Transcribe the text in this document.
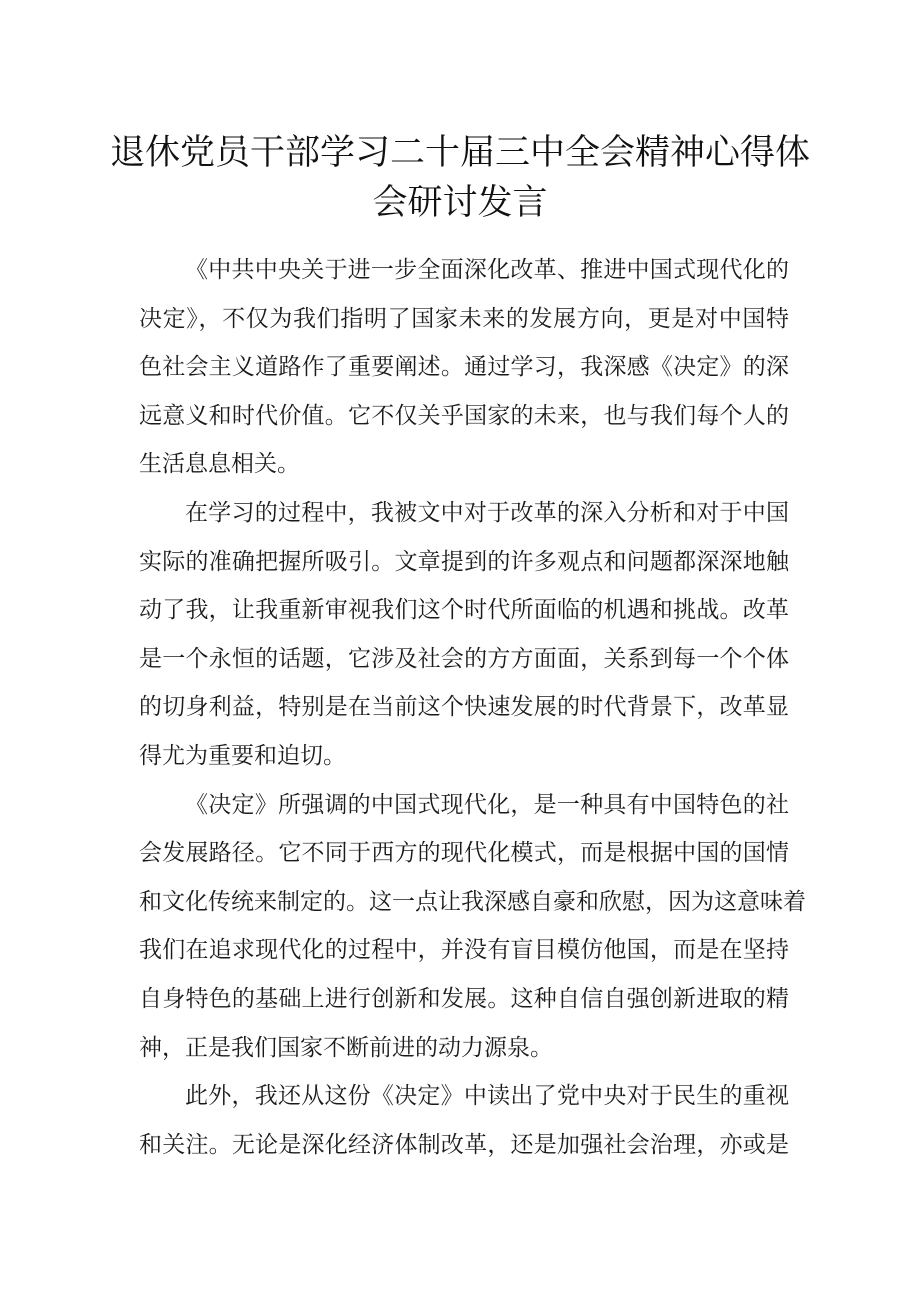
退休党员干部学习二十届三中全会精神心得体
会研讨发言
《中共中央关于进一步全面深化改革、推进中国式现代化的
决定》，不仅为我们指明了国家未来的发展方向，更是对中国特
色社会主义道路作了重要阐述。通过学习，我深感《决定》的深
远意义和时代价值。它不仅关乎国家的未来，也与我们每个人的
生活息息相关。
在学习的过程中，我被文中对于改革的深入分析和对于中国
实际的准确把握所吸引。文章提到的许多观点和问题都深深地触
动了我，让我重新审视我们这个时代所面临的机遇和挑战。改革
是一个永恒的话题，它涉及社会的方方面面，关系到每一个个体
的切身利益，特别是在当前这个快速发展的时代背景下，改革显
得尤为重要和迫切。
《决定》所强调的中国式现代化，是一种具有中国特色的社
会发展路径。它不同于西方的现代化模式，而是根据中国的国情
和文化传统来制定的。这一点让我深感自豪和欣慰，因为这意味着
我们在追求现代化的过程中，并没有盲目模仿他国，而是在坚持
自身特色的基础上进行创新和发展。这种自信自强创新进取的精
神，正是我们国家不断前进的动力源泉。
此外，我还从这份《决定》中读出了党中央对于民生的重视
和关注。无论是深化经济体制改革，还是加强社会治理，亦或是
